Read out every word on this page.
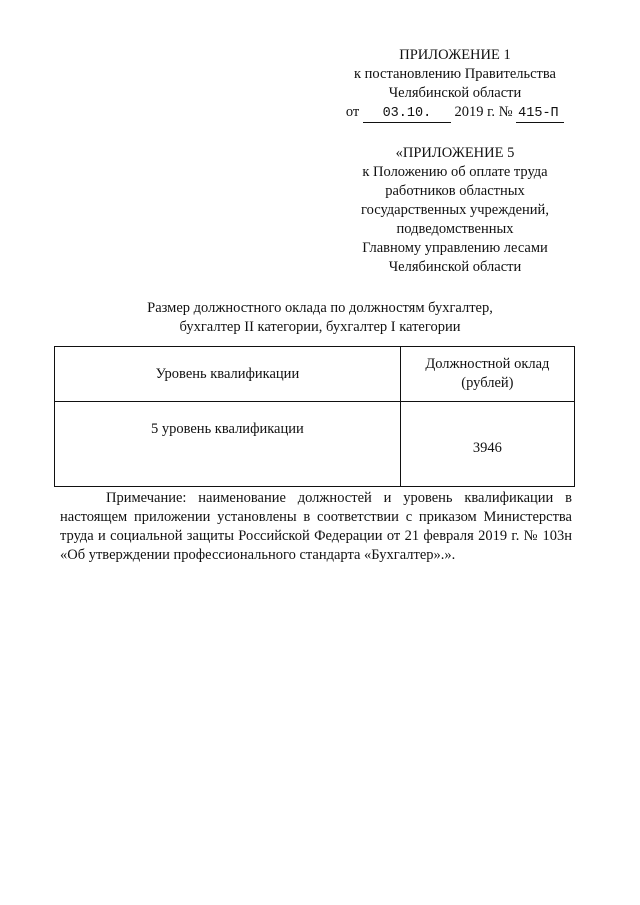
ПРИЛОЖЕНИЕ 1
к постановлению Правительства
Челябинской области
от 03.10. 2019 г. № 415-П
«ПРИЛОЖЕНИЕ 5
к Положению об оплате труда
работников областных
государственных учреждений,
подведомственных
Главному управлению лесами
Челябинской области
Размер должностного оклада по должностям бухгалтер,
бухгалтер II категории, бухгалтер I категории
Уровень квалификации	Должностной оклад
(рублей)

5 уровень квалификации	3946
Примечание: наименование должностей и уровень квалификации в настоящем приложении установлены в соответствии с приказом Министерства труда и социальной защиты Российской Федерации от 21 февраля 2019 г. № 103н «Об утверждении профессионального стандарта «Бухгалтер».».
